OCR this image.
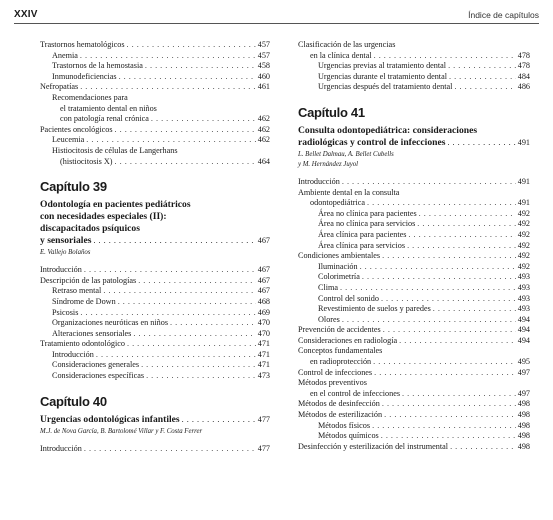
XXIV	Índice de capítulos
Trastornos hematológicos . . .	457
Anemia . . .	457
Trastornos de la hemostasia . . .	458
Inmunodeficiencias . . .	460
Nefropatías . . .	461
Recomendaciones para
el tratamiento dental en niños
con patología renal crónica . . .	462
Pacientes oncológicos . . .	462
Leucemia . . .	462
Histiocitosis de células de Langerhans
(histiocitosis X) . . .	464
Capítulo 39
Odontología en pacientes pediátricos
con necesidades especiales (II):
discapacitados psíquicos
y sensoriales . . .	467
E. Vallejo Bolaños
Introducción . . .	467
Descripción de las patologías . . .	467
Retraso mental . . .	467
Síndrome de Down . . .	468
Psicosis . . .	469
Organizaciones neuróticas en niños . . .	470
Alteraciones sensoriales . . .	470
Tratamiento odontológico . . .	471
Introducción . . .	471
Consideraciones generales . . .	471
Consideraciones específicas . . .	473
Capítulo 40
Urgencias odontológicas infantiles . . .	477
M.J. de Nova García, B. Bartolomé Villar y F. Costa Ferrer
Introducción . . .	477
Clasificación de las urgencias
en la clínica dental . . .	478
Urgencias previas al tratamiento dental . . .	478
Urgencias durante el tratamiento dental . . .	484
Urgencias después del tratamiento dental . . .	486
Capítulo 41
Consulta odontopediátrica: consideraciones
radiológicas y control de infecciones . . .	491
L. Bellet Dalmau, A. Bellet Cubells
y M. Hernández Juyol
Introducción . . .	491
Ambiente dental en la consulta
odontopediátrica . . .	491
Área no clínica para pacientes . . .	492
Área no clínica para servicios . . .	492
Área clínica para pacientes . . .	492
Área clínica para servicios . . .	492
Condiciones ambientales . . .	492
Iluminación . . .	492
Colorimetría . . .	493
Clima . . .	493
Control del sonido . . .	493
Revestimiento de suelos y paredes . . .	493
Olores . . .	494
Prevención de accidentes . . .	494
Consideraciones en radiología . . .	494
Conceptos fundamentales
en radioprotección . . .	495
Control de infecciones . . .	497
Métodos preventivos
en el control de infecciones . . .	497
Métodos de desinfección . . .	498
Métodos de esterilización . . .	498
Métodos físicos . . .	498
Métodos químicos . . .	498
Desinfección y esterilización del instrumental . . .	498
